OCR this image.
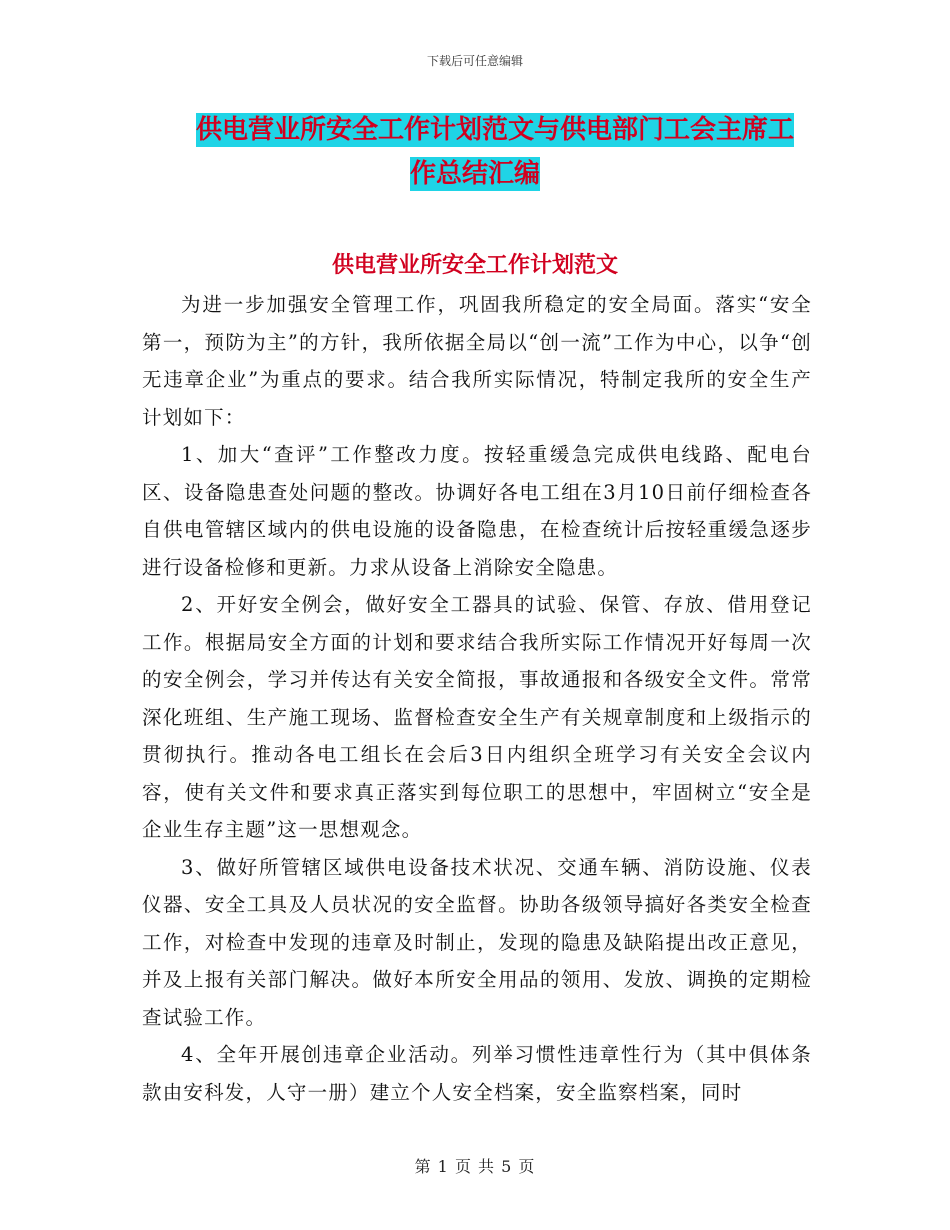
下载后可任意编辑
供电营业所安全工作计划范文与供电部门工会主席工
作总结汇编
供电营业所安全工作计划范文

为进一步加强安全管理工作，巩固我所稳定的安全局面。落实“安全第一，预防为主”的方针，我所依据全局以“创一流”工作为中心，以争“创无违章企业”为重点的要求。结合我所实际情况，特制定我所的安全生产计划如下：

1、加大“查评”工作整改力度。按轻重缓急完成供电线路、配电台区、设备隐患查处问题的整改。协调好各电工组在3月10日前仔细检查各自供电管辖区域内的供电设施的设备隐患，在检查统计后按轻重缓急逐步进行设备检修和更新。力求从设备上消除安全隐患。

2、开好安全例会，做好安全工器具的试验、保管、存放、借用登记工作。根据局安全方面的计划和要求结合我所实际工作情况开好每周一次的安全例会，学习并传达有关安全简报，事故通报和各级安全文件。常常深化班组、生产施工现场、监督检查安全生产有关规章制度和上级指示的贯彻执行。推动各电工组长在会后3日内组织全班学习有关安全会议内容，使有关文件和要求真正落实到每位职工的思想中，牢固树立“安全是企业生存主题”这一思想观念。

3、做好所管辖区域供电设备技术状况、交通车辆、消防设施、仪表仪器、安全工具及人员状况的安全监督。协助各级领导搞好各类安全检查工作，对检查中发现的违章及时制止，发现的隐患及缺陷提出改正意见，并及上报有关部门解决。做好本所安全用品的领用、发放、调换的定期检查试验工作。

4、全年开展创违章企业活动。列举习惯性违章性行为（其中俱体条款由安科发，人守一册）建立个人安全档案，安全监察档案，同时

第 1 页 共 5 页
